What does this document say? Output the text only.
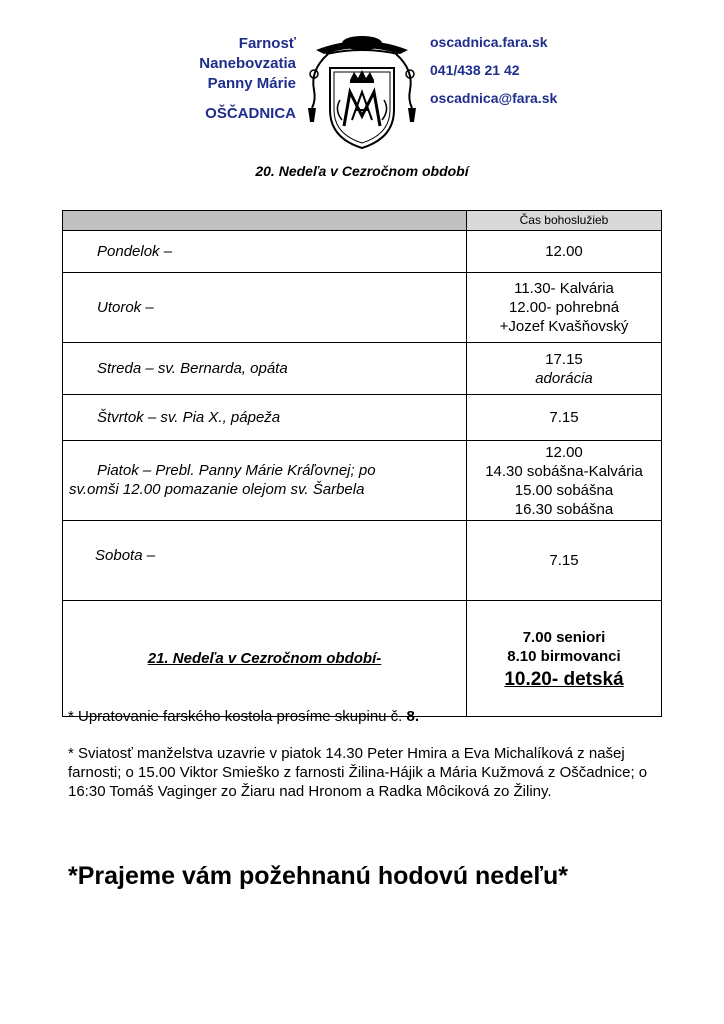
Farnosť
Nanebovzatia
Panny Márie
OŠČADNICA
oscadnica.fara.sk
041/438 21 42
oscadnica@fara.sk
20. Nedeľa v Cezročnom období
	Čas bohoslužieb

Pondelok –	12.00

Utorok –	11.30- Kalvária
12.00- pohrebná
+Jozef Kvašňovský

Streda – sv. Bernarda, opáta	17.15
adorácia

Štvrtok – sv. Pia X., pápeža	7.15

Piatok – Prebl. Panny Márie Kráľovnej; po sv.omši 12.00 pomazanie olejom sv. Šarbela	12.00
14.30 sobášna-Kalvária
15.00 sobášna
16.30 sobášna

Sobota –	7.15

21. Nedeľa v Cezročnom období-	7.00 seniori
8.10 birmovanci
10.20- detská

* Upratovanie farského kostola prosíme skupinu č. 8.

* Sviatosť manželstva uzavrie v piatok 14.30 Peter Hmira a Eva Michalíková z našej farnosti; o 15.00 Viktor Smieško z farnosti Žilina-Hájik a Mária Kužmová z Oščadnice; o 16:30 Tomáš Vaginger zo Žiaru nad Hronom a Radka Môciková zo Žiliny.

*Prajeme vám požehnanú hodovú nedeľu*
